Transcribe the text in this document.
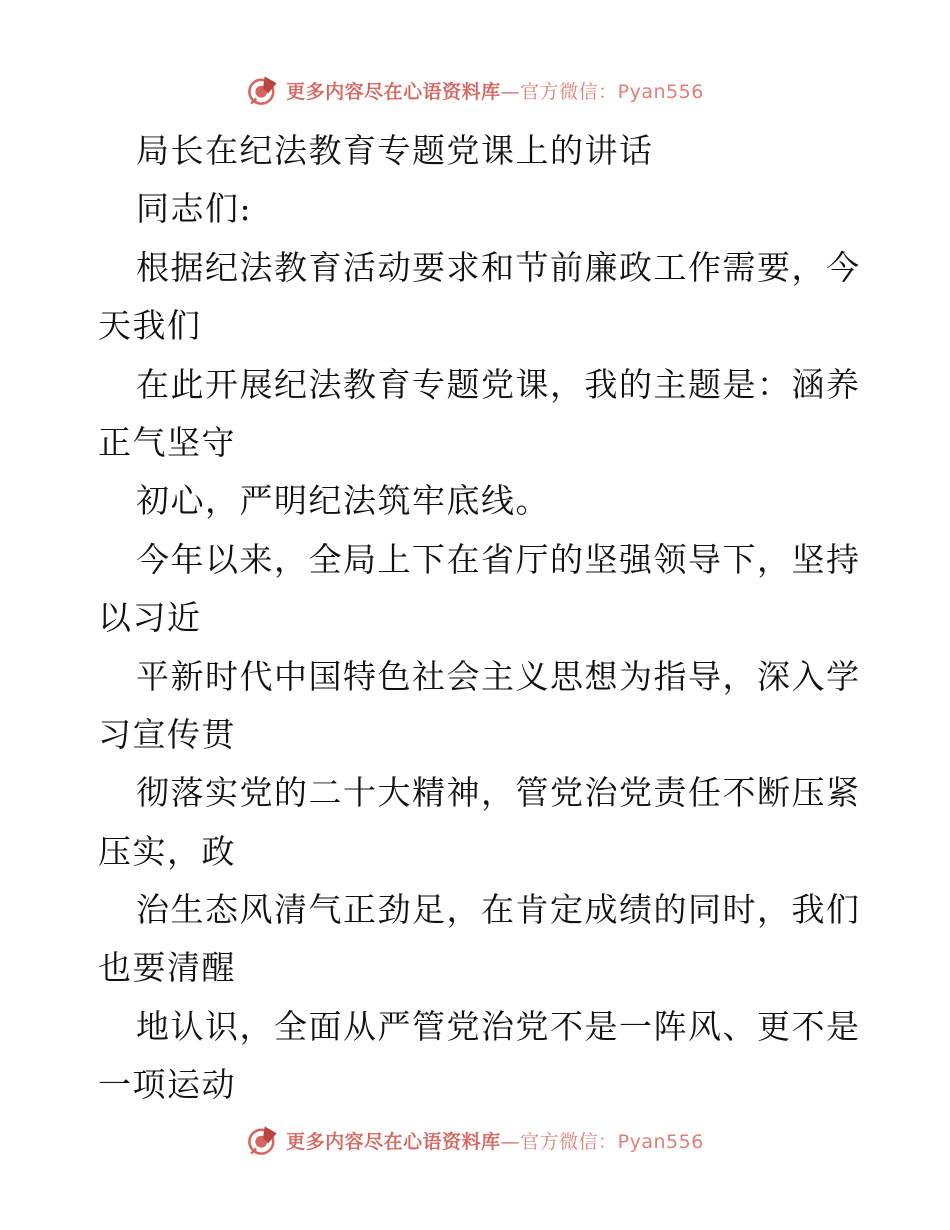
更多内容尽在心语资料库—官方微信：Pyan556
局长在纪法教育专题党课上的讲话
同志们:
根据纪法教育活动要求和节前廉政工作需要，今
天我们
在此开展纪法教育专题党课，我的主题是：涵养
正气坚守
初心，严明纪法筑牢底线。
今年以来，全局上下在省厅的坚强领导下，坚持
以习近
平新时代中国特色社会主义思想为指导，深入学
习宣传贯
彻落实党的二十大精神，管党治党责任不断压紧
压实，政
治生态风清气正劲足，在肯定成绩的同时，我们
也要清醒
地认识，全面从严管党治党不是一阵风、更不是
一项运动
更多内容尽在心语资料库—官方微信：Pyan556
